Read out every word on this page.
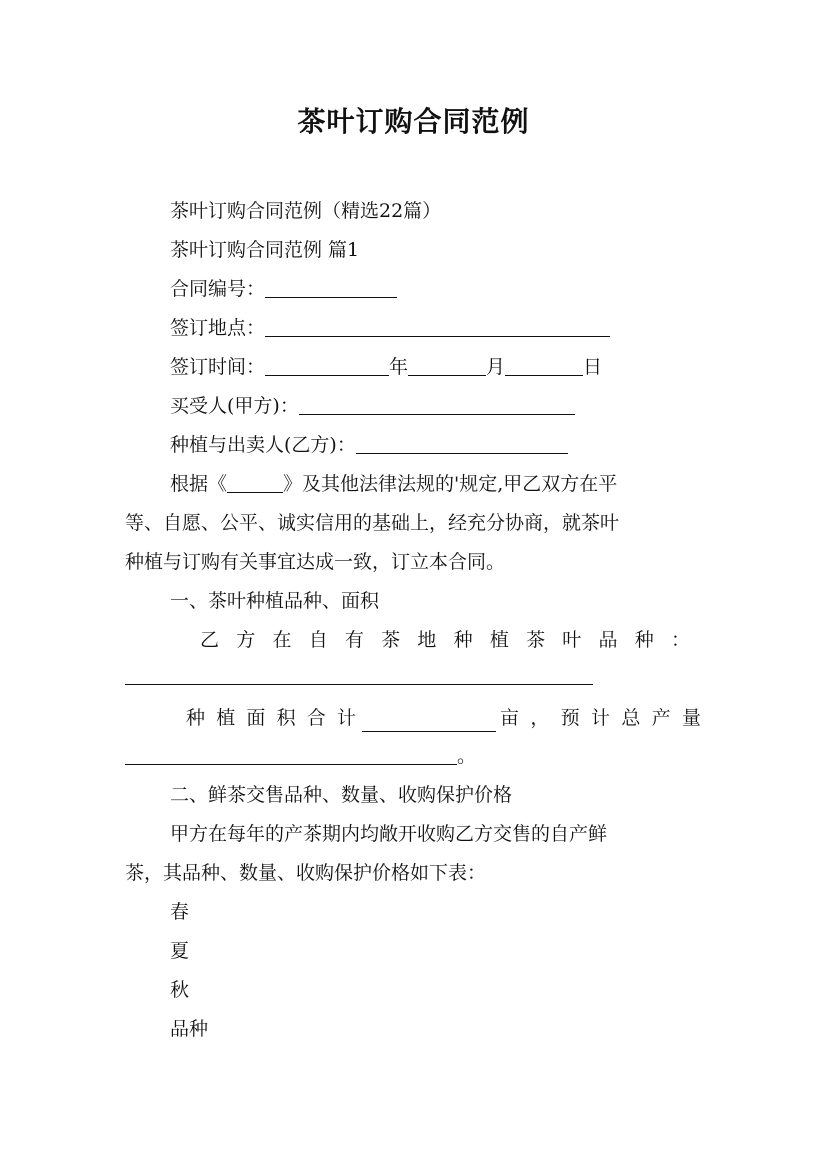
茶叶订购合同范例
茶叶订购合同范例（精选22篇）
茶叶订购合同范例 篇1
合同编号：
签订地点：
签订时间：	年	月	日
买受人(甲方)：
种植与出卖人(乙方)：
根据《	》及其他法律法规的'规定,甲乙双方在平
等、自愿、公平、诚实信用的基础上，经充分协商，就茶叶
种植与订购有关事宜达成一致，订立本合同。
一、茶叶种植品种、面积
乙方在自有茶地种植茶叶品种：
种植面积合计	亩，预计总产量
。
二、鲜茶交售品种、数量、收购保护价格
甲方在每年的产茶期内均敞开收购乙方交售的自产鲜
茶，其品种、数量、收购保护价格如下表：
春
夏
秋
品种
